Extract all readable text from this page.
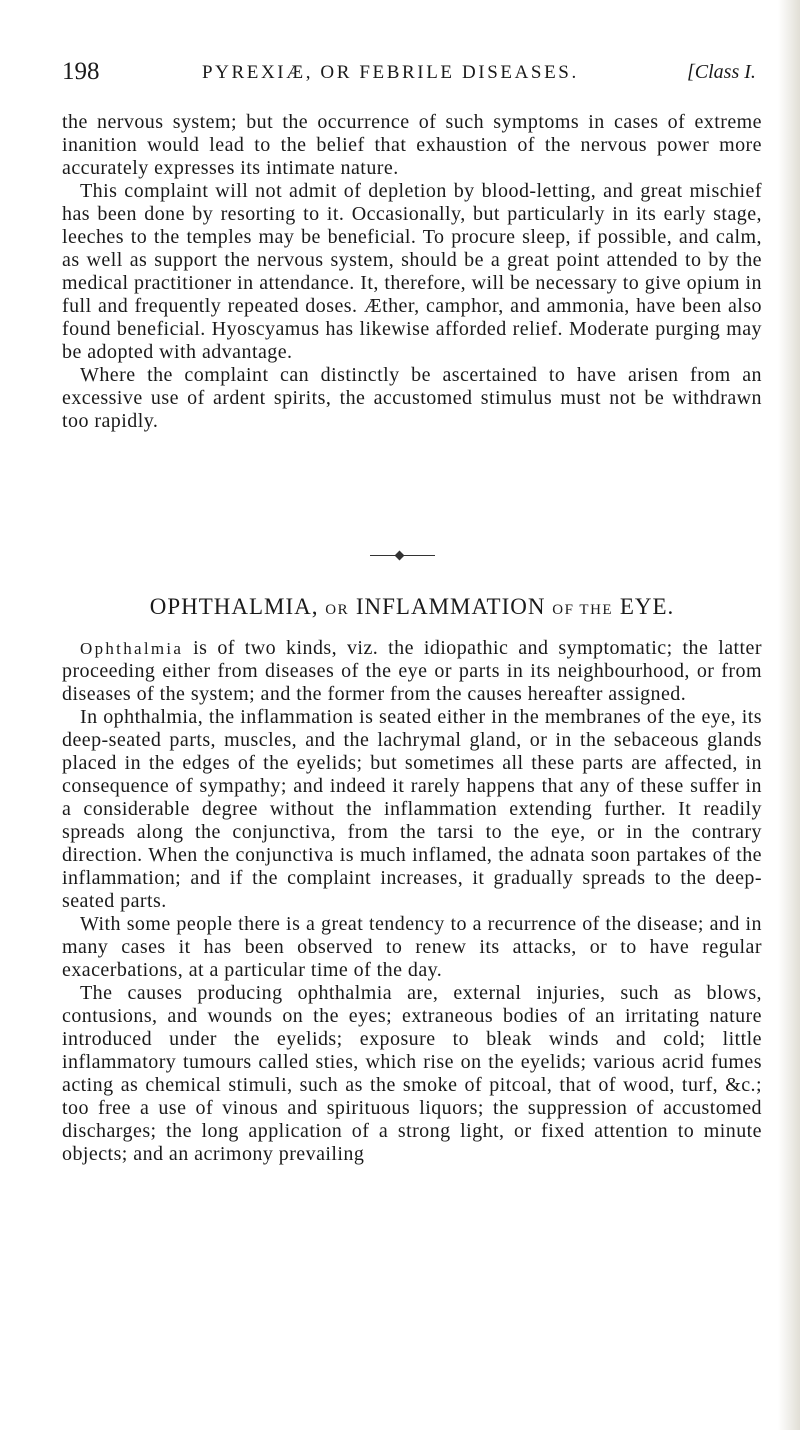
198	PYREXIÆ, OR FEBRILE DISEASES.	[Class I.

the nervous system; but the occurrence of such symptoms in cases of extreme inanition would lead to the belief that exhaustion of the nervous power more accurately expresses its intimate nature.

This complaint will not admit of depletion by blood-letting, and great mischief has been done by resorting to it. Occasionally, but particularly in its early stage, leeches to the temples may be beneficial. To procure sleep, if possible, and calm, as well as support the nervous system, should be a great point attended to by the medical practitioner in attendance. It, therefore, will be necessary to give opium in full and frequently repeated doses. Æther, camphor, and ammonia, have been also found beneficial. Hyoscyamus has likewise afforded relief. Moderate purging may be adopted with advantage.

Where the complaint can distinctly be ascertained to have arisen from an excessive use of ardent spirits, the accustomed stimulus must not be withdrawn too rapidly.

OPHTHALMIA, OR INFLAMMATION OF THE EYE.

Ophthalmia is of two kinds, viz. the idiopathic and symptomatic; the latter proceeding either from diseases of the eye or parts in its neighbourhood, or from diseases of the system; and the former from the causes hereafter assigned.

In ophthalmia, the inflammation is seated either in the membranes of the eye, its deep-seated parts, muscles, and the lachrymal gland, or in the sebaceous glands placed in the edges of the eyelids; but sometimes all these parts are affected, in consequence of sympathy; and indeed it rarely happens that any of these suffer in a considerable degree without the inflammation extending further. It readily spreads along the conjunctiva, from the tarsi to the eye, or in the contrary direction. When the conjunctiva is much inflamed, the adnata soon partakes of the inflammation; and if the complaint increases, it gradually spreads to the deep-seated parts.

With some people there is a great tendency to a recurrence of the disease; and in many cases it has been observed to renew its attacks, or to have regular exacerbations, at a particular time of the day.

The causes producing ophthalmia are, external injuries, such as blows, contusions, and wounds on the eyes; extraneous bodies of an irritating nature introduced under the eyelids; exposure to bleak winds and cold; little inflammatory tumours called sties, which rise on the eyelids; various acrid fumes acting as chemical stimuli, such as the smoke of pitcoal, that of wood, turf, &c.; too free a use of vinous and spirituous liquors; the suppression of accustomed discharges; the long application of a strong light, or fixed attention to minute objects; and an acrimony prevailing
